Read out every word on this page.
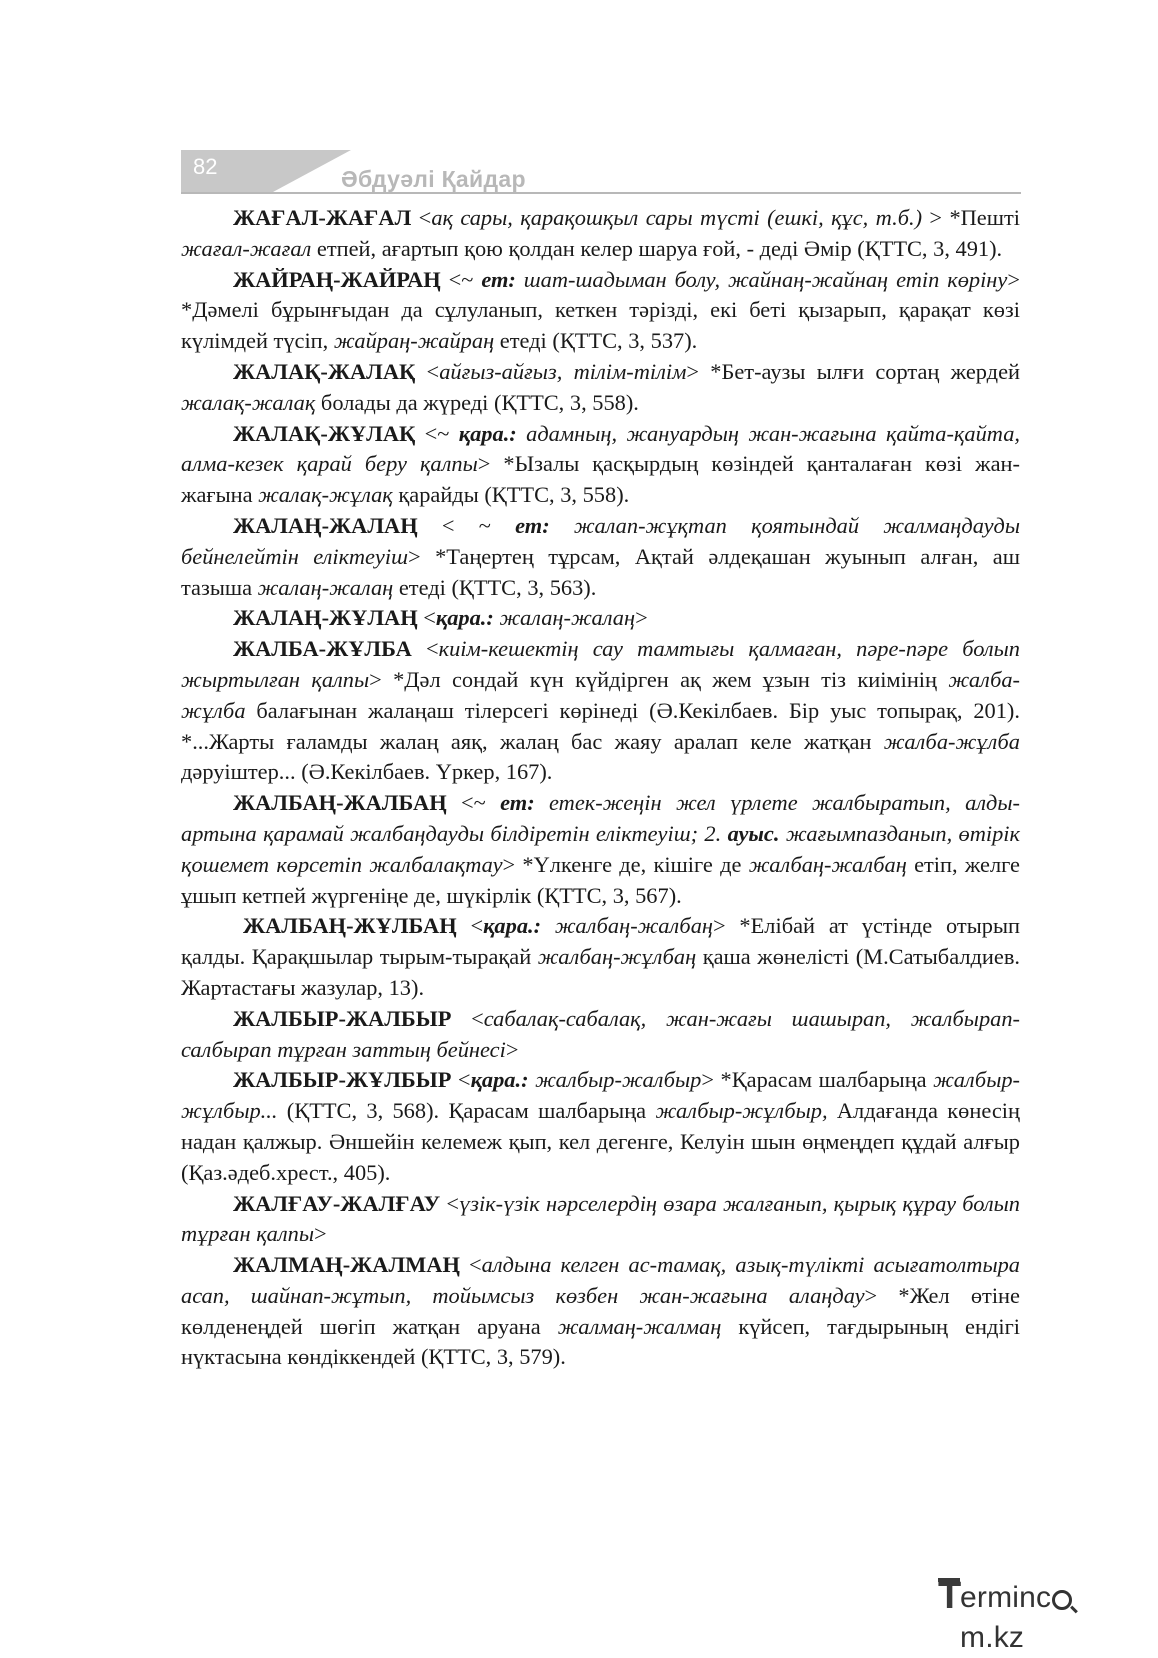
82	Әбдуәлі Қайдар

ЖАҒАЛ-ЖАҒАЛ <ақ сары, қарақошқыл сары түсті (ешкі, құс, т.б.) > *Пешті жағал-жағал етпей, ағартып қою қолдан келер шаруа ғой, - деді Әмір (ҚТТС, 3, 491).

ЖАЙРАҢ-ЖАЙРАҢ <~ ет: шат-шадыман болу, жайнаң-жайнаң етіп көріну> *Дәмелі бұрынғыдан да сұлуланып, кеткен тәрізді, екі беті қызарып, қарақат көзі күлімдей түсіп, жайраң-жайраң етеді (ҚТТС, 3, 537).

ЖАЛАҚ-ЖАЛАҚ <айғыз-айғыз, тілім-тілім> *Бет-аузы ылғи сортаң жердей жалақ-жалақ болады да жүреді (ҚТТС, 3, 558).

ЖАЛАҚ-ЖҰЛАҚ <~ қара.: адамның, жануардың жан-жағына қайта-қайта, алма-кезек қарай беру қалпы> *Ызалы қасқырдың көзіндей қанталаған көзі жан-жағына жалақ-жұлақ қарайды (ҚТТС, 3, 558).

ЖАЛАҢ-ЖАЛАҢ < ~ ет: жалап-жұқтап қоятындай жалмаңдауды бейнелейтін еліктеуіш> *Таңертең тұрсам, Ақтай әлдеқашан жуынып алған, аш тазыша жалаң-жалаң етеді (ҚТТС, 3, 563).

ЖАЛАҢ-ЖҰЛАҢ <қара.: жалаң-жалаң>

ЖАЛБА-ЖҰЛБА <киім-кешектің сау тамтығы қалмаған, пәре-пәре болып жыртылған қалпы> *Дәл сондай күн күйдірген ақ жем ұзын тіз киімінің жалба-жұлба балағынан жалаңаш тілерсегі көрінеді (Ә.Кекілбаев. Бір уыс топырақ, 201). *...Жарты ғаламды жалаң аяқ, жалаң бас жаяу аралап келе жатқан жалба-жұлба дәруіштер... (Ә.Кекілбаев. Үркер, 167).

ЖАЛБАҢ-ЖАЛБАҢ <~ ет: етек-жеңін жел үрлете жалбыратып, алды-артына қарамай жалбаңдауды білдіретін еліктеуіш; 2. ауыс. жағымпазданып, өтірік қошемет көрсетіп жалбалақтау> *Үлкенге де, кішіге де жалбаң-жалбаң етіп, желге ұшып кетпей жүргеніңе де, шүкірлік (ҚТТС, 3, 567).

ЖАЛБАҢ-ЖҰЛБАҢ <қара.: жалбаң-жалбаң> *Елібай ат үстінде отырып қалды. Қарақшылар тырым-тырақай жалбаң-жұлбаң қаша жөнелісті (М.Сатыбалдиев. Жартастағы жазулар, 13).

ЖАЛБЫР-ЖАЛБЫР <сабалақ-сабалақ, жан-жағы шашырап, жалбырап-салбырап тұрған заттың бейнесі>

ЖАЛБЫР-ЖҰЛБЫР <қара.: жалбыр-жалбыр> *Қарасам шалбарыңа жалбыр-жұлбыр... (ҚТТС, 3, 568). Қарасам шалбарыңа жалбыр-жұлбыр, Алдағанда көнесің надан қалжыр. Әншейін келемеж қып, кел дегенге, Келуін шын өңмеңдеп құдай алғыр (Қаз.әдеб.хрест., 405).

ЖАЛҒАУ-ЖАЛҒАУ <үзік-үзік нәрселердің өзара жалғанып, қырық құрау болып тұрған қалпы>

ЖАЛМАҢ-ЖАЛМАҢ <алдына келген ас-тамақ, азық-түлікті асығатолтыра асап, шайнап-жұтып, тойымсыз көзбен жан-жағына алаңдау> *Жел өтіне көлденеңдей шөгіп жатқан аруана жалмаң-жалмаң күйсеп, тағдырының ендігі нүктасына көндіккендей (ҚТТС, 3, 579).

T
ermincm.kz
